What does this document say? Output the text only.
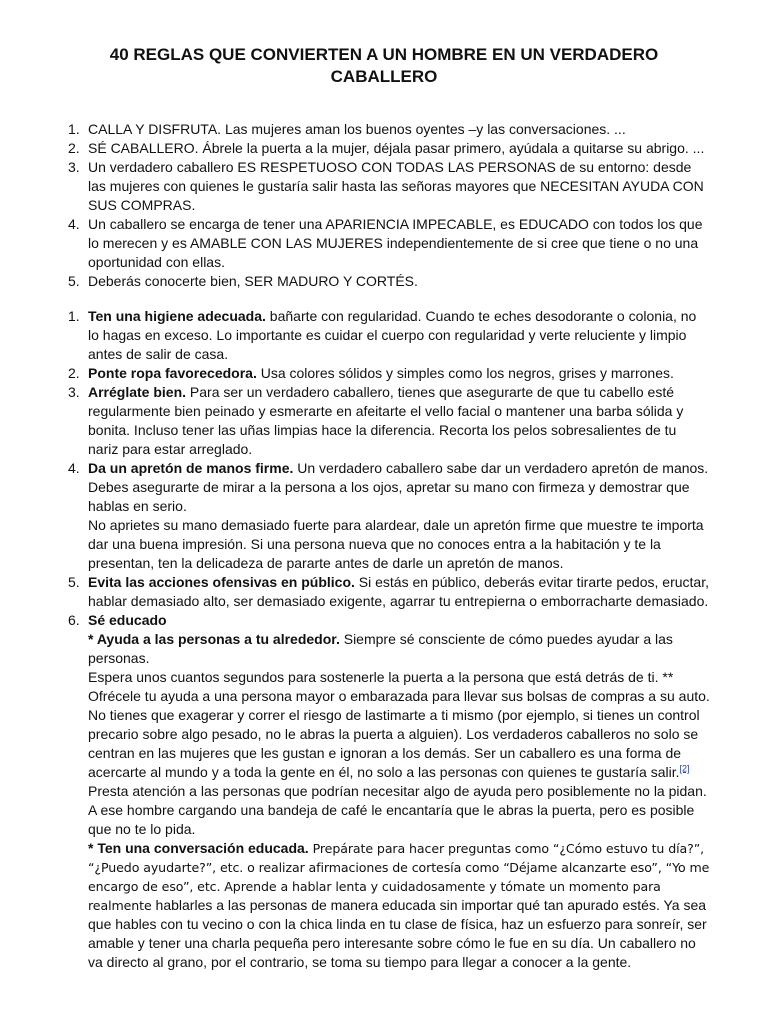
40 REGLAS QUE CONVIERTEN A UN HOMBRE EN UN VERDADERO CABALLERO
1. CALLA Y DISFRUTA. Las mujeres aman los buenos oyentes –y las conversaciones. ...
2. SÉ CABALLERO. Ábrele la puerta a la mujer, déjala pasar primero, ayúdala a quitarse su abrigo. ...
3. Un verdadero caballero ES RESPETUOSO CON TODAS LAS PERSONAS de su entorno: desde las mujeres con quienes le gustaría salir hasta las señoras mayores que NECESITAN AYUDA CON SUS COMPRAS.
4. Un caballero se encarga de tener una APARIENCIA IMPECABLE, es EDUCADO con todos los que lo merecen y es AMABLE CON LAS MUJERES independientemente de si cree que tiene o no una oportunidad con ellas.
5. Deberás conocerte bien, SER MADURO Y CORTÉS.
1. Ten una higiene adecuada. bañarte con regularidad. Cuando te eches desodorante o colonia, no lo hagas en exceso. Lo importante es cuidar el cuerpo con regularidad y verte reluciente y limpio antes de salir de casa.
2. Ponte ropa favorecedora. Usa colores sólidos y simples como los negros, grises y marrones.
3. Arréglate bien. Para ser un verdadero caballero, tienes que asegurarte de que tu cabello esté regularmente bien peinado y esmerarte en afeitarte el vello facial o mantener una barba sólida y bonita. Incluso tener las uñas limpias hace la diferencia. Recorta los pelos sobresalientes de tu nariz para estar arreglado.
4. Da un apretón de manos firme. Un verdadero caballero sabe dar un verdadero apretón de manos. Debes asegurarte de mirar a la persona a los ojos, apretar su mano con firmeza y demostrar que hablas en serio.
No aprietes su mano demasiado fuerte para alardear, dale un apretón firme que muestre te importa dar una buena impresión. Si una persona nueva que no conoces entra a la habitación y te la presentan, ten la delicadeza de pararte antes de darle un apretón de manos.
5. Evita las acciones ofensivas en público. Si estás en público, deberás evitar tirarte pedos, eructar, hablar demasiado alto, ser demasiado exigente, agarrar tu entrepierna o emborracharte demasiado.
6. Sé educado
* Ayuda a las personas a tu alrededor. Siempre sé consciente de cómo puedes ayudar a las personas.
Espera unos cuantos segundos para sostenerle la puerta a la persona que está detrás de ti. ** Ofrécele tu ayuda a una persona mayor o embarazada para llevar sus bolsas de compras a su auto. No tienes que exagerar y correr el riesgo de lastimarte a ti mismo (por ejemplo, si tienes un control precario sobre algo pesado, no le abras la puerta a alguien). Los verdaderos caballeros no solo se centran en las mujeres que les gustan e ignoran a los demás. Ser un caballero es una forma de acercarte al mundo y a toda la gente en él, no solo a las personas con quienes te gustaría salir.[2]
Presta atención a las personas que podrían necesitar algo de ayuda pero posiblemente no la pidan. A ese hombre cargando una bandeja de café le encantaría que le abras la puerta, pero es posible que no te lo pida.
* Ten una conversación educada. Prepárate para hacer preguntas como “¿Cómo estuvo tu día?”, “¿Puedo ayudarte?”, etc. o realizar afirmaciones de cortesía como “Déjame alcanzarte eso”, “Yo me encargo de eso”, etc. Aprende a hablar lenta y cuidadosamente y tómate un momento para realmente hablarles a las personas de manera educada sin importar qué tan apurado estés. Ya sea que hables con tu vecino o con la chica linda en tu clase de física, haz un esfuerzo para sonreír, ser amable y tener una charla pequeña pero interesante sobre cómo le fue en su día. Un caballero no va directo al grano, por el contrario, se toma su tiempo para llegar a conocer a la gente.
